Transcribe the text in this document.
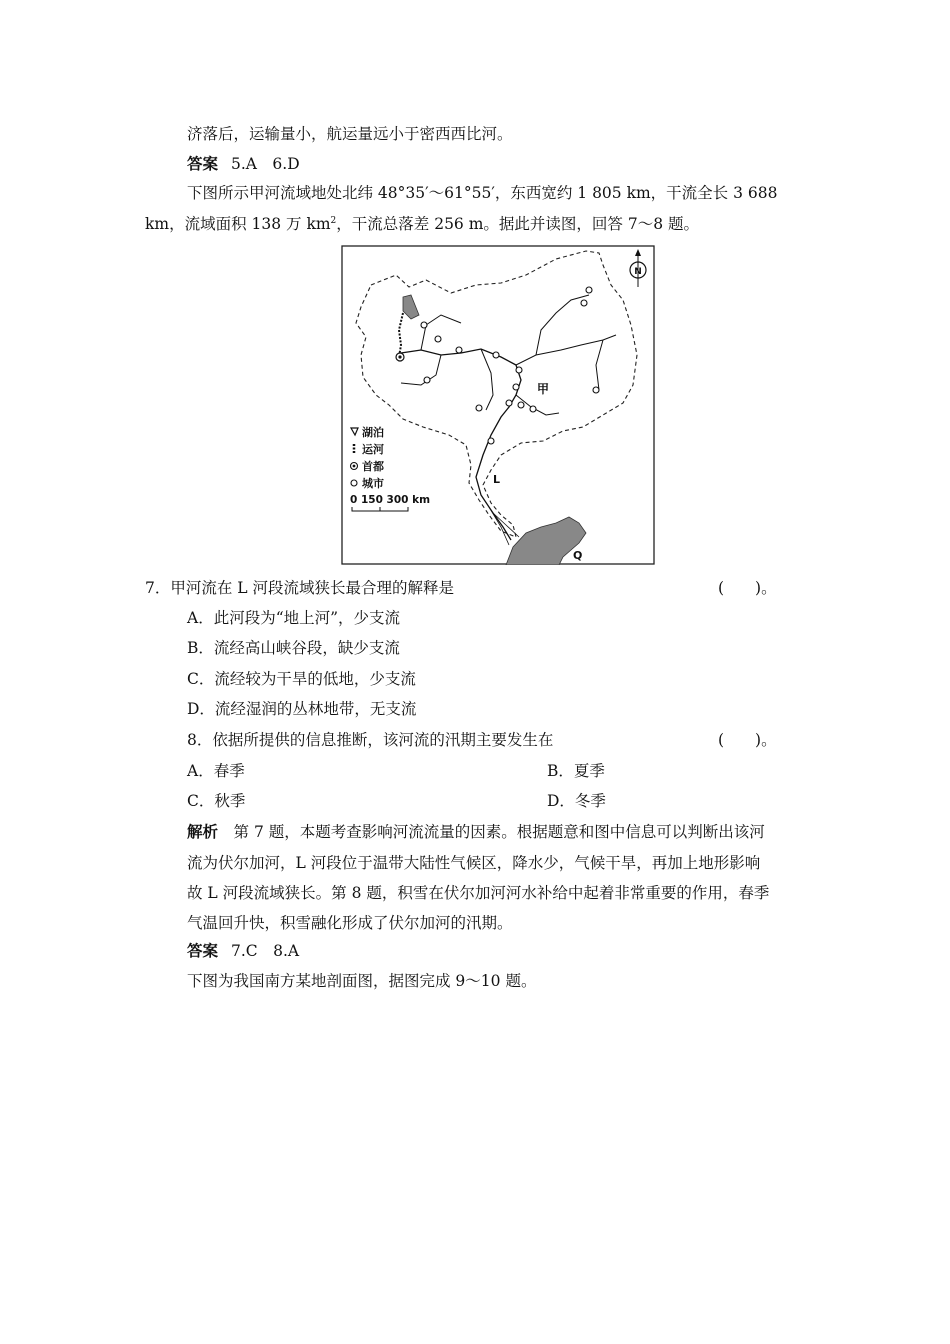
济落后，运输量小，航运量远小于密西西比河。
答案 5.A　6.D
下图所示甲河流域地处北纬 48°35′～61°55′，东西宽约 1 805 km，干流全长 3 688
km，流域面积 138 万 $km^2$，干流总落差 256 m。据此并读图，回答 7～8 题。
N
甲
L
Q
湖泊
运河
首都
城市
0 150 300 km
7．甲河流在 L 河段流域狭长最合理的解释是	(　　)。
A．此河段为“地上河”，少支流
B．流经高山峡谷段，缺少支流
C．流经较为干旱的低地，少支流
D．流经湿润的丛林地带，无支流
8．依据所提供的信息推断，该河流的汛期主要发生在	(　　)。
A．春季	B．夏季
C．秋季	D．冬季
解析　第 7 题，本题考查影响河流流量的因素。根据题意和图中信息可以判断出该河
流为伏尔加河，L 河段位于温带大陆性气候区，降水少，气候干旱，再加上地形影响
故 L 河段流域狭长。第 8 题，积雪在伏尔加河河水补给中起着非常重要的作用，春季
气温回升快，积雪融化形成了伏尔加河的汛期。
答案 7.C　8.A
下图为我国南方某地剖面图，据图完成 9～10 题。
